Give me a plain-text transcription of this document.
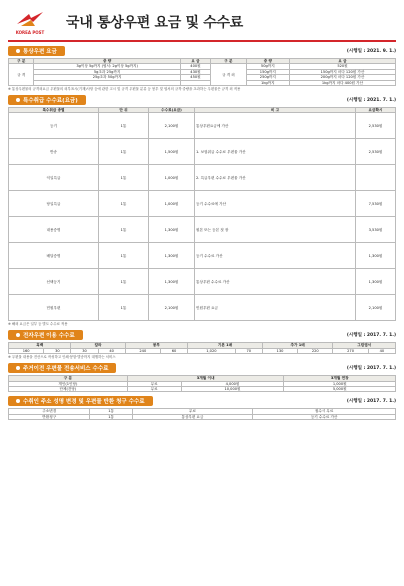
KOREA POST
국내 통상우편 요금 및 수수료
통상우편 요금	(시행일 : 2021. 9. 1.)
구 분	중 량	요 금	구 분	중 량	요 금
규 격	3g이상 5g까지 (엽서: 2g이상 5g까지)	400원	규 격 외	50g까지	520원
	5g초과 25g까지	430원		150g까지	150g까지 마다 120원 가산
	25g초과 50g까지	450원		250g까지	200g까지 마다 120원 가산
				1kg까지	1kg까지 마다 400원 가산
※ 통상우편물의 규격외요금 우편물의 외부표시(기재)사항 등에 관한 고시 및 규격 우편물 분류 등 봉투 및 엽서의 규격·중량을 초과하는 우편물은 규격 외 적용
특수취급 수수료(요금)	(시행일 : 2021. 7. 1.)
특수취급 종별	단 위	수수료(요금)	비 고	요금확시
등기	1통	2,100원	통상우편요금에 가산	2,530원
반송	1통	1,500원	1. 보험취급 수수료 우편물 가산	2,530원
익일특급	1통	1,000원	2. 특급우편 수수료 우편물 가산	
당일특급	1통	1,000원	등기 수수료에 가산	7,530원
내용증명	1통	1,300원	원본 또는 등본 첫 장	3,530원
배달증명	1통	1,300원	등기 수수료 가산	1,300원
선택등기	1통	1,300원	통상우편 수수료 가산	1,300원
민원우편	1통	2,100원	민원우편 요금	2,100원
※ 해외 요금은 일부 등 별도 수수료 적용
전자우편 이용 수수료	(시행일 : 2017. 7. 1.)
흑백		칼라		봉투		기본 1매		추가 1매		그림엽서	
160	30	30	40	240	60	1,020	70	130	220	270	40
※ 우편물 내용을 전산으로 작성하고 인쇄·봉함·발송까지 대행하는 서비스
주거이전 우편물 전송서비스 수수료	(시행일 : 2017. 7. 1.)
구 분	3개월 이내		3개월 연장
개인(1인당)	무료	4,000원	1,000원
단체(건당)	무료	10,000원	5,000원
수취인 주소 성명 변경 및 우편물 반환 청구 수수료	(시행일 : 2017. 7. 1.)
주소변경	1통	무료	접수시 무료
반환청구	1통	통상우편 요금	등기 수수료 가산
